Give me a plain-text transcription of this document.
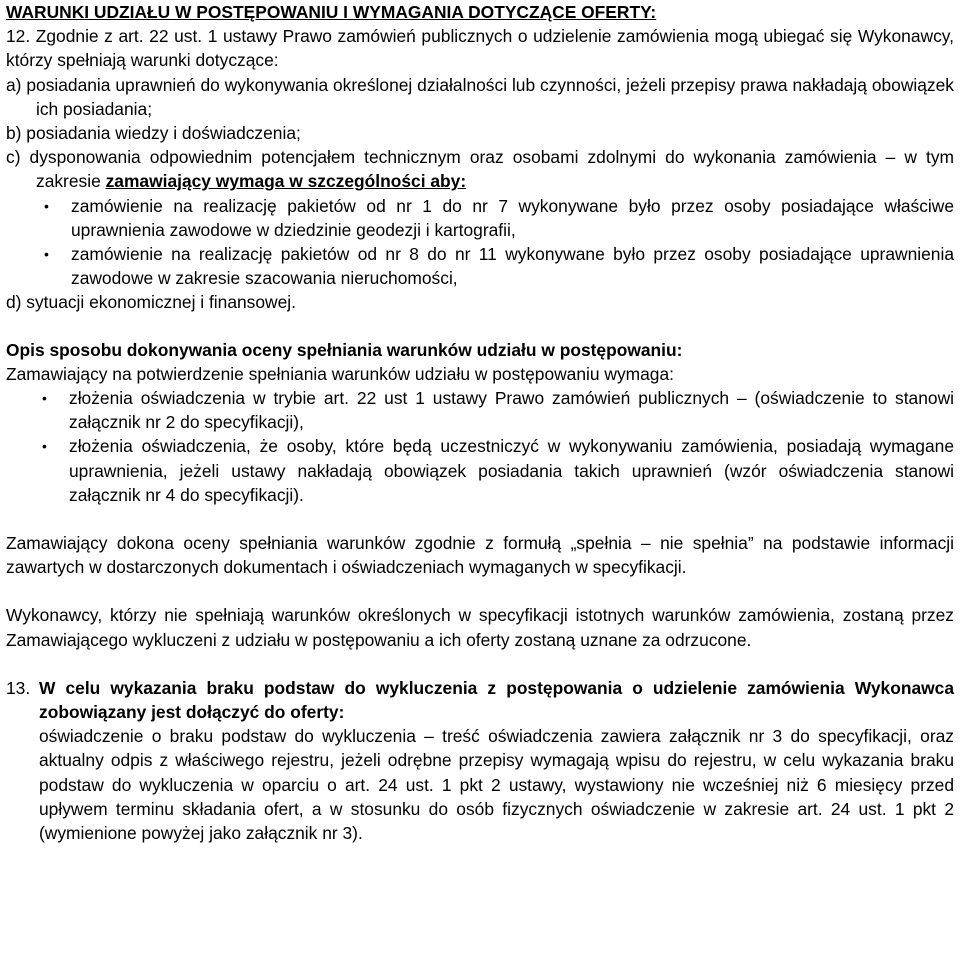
WARUNKI UDZIAŁU W POSTĘPOWANIU I WYMAGANIA DOTYCZĄCE OFERTY:
12. Zgodnie z art. 22 ust. 1 ustawy Prawo zamówień publicznych o udzielenie zamówienia mogą ubiegać się Wykonawcy, którzy spełniają warunki dotyczące:
a) posiadania uprawnień do wykonywania określonej działalności lub czynności, jeżeli przepisy prawa nakładają obowiązek ich posiadania;
b) posiadania wiedzy i doświadczenia;
c) dysponowania odpowiednim potencjałem technicznym oraz osobami zdolnymi do wykonania zamówienia – w tym zakresie zamawiający wymaga w szczególności aby:
•	zamówienie na realizację pakietów od nr 1 do nr 7 wykonywane było przez osoby posiadające właściwe uprawnienia zawodowe w dziedzinie geodezji i kartografii,
•	zamówienie na realizację pakietów od nr 8 do nr 11 wykonywane było przez osoby posiadające uprawnienia zawodowe w zakresie szacowania nieruchomości,
d) sytuacji ekonomicznej i finansowej.
Opis sposobu dokonywania oceny spełniania warunków udziału w postępowaniu:
Zamawiający na potwierdzenie spełniania warunków udziału w postępowaniu wymaga:
•	złożenia oświadczenia w trybie art. 22 ust 1 ustawy Prawo zamówień publicznych – (oświadczenie to stanowi załącznik nr 2 do specyfikacji),
•	złożenia oświadczenia, że osoby, które będą uczestniczyć w wykonywaniu zamówienia, posiadają wymagane uprawnienia, jeżeli ustawy nakładają obowiązek posiadania takich uprawnień (wzór oświadczenia stanowi załącznik nr 4 do specyfikacji).
Zamawiający dokona oceny spełniania warunków zgodnie z formułą „spełnia – nie spełnia” na podstawie informacji zawartych w dostarczonych dokumentach i oświadczeniach wymaganych w specyfikacji.
Wykonawcy, którzy nie spełniają warunków określonych w specyfikacji istotnych warunków zamówienia, zostaną przez Zamawiającego wykluczeni z udziału w postępowaniu a ich oferty zostaną uznane za odrzucone.
13. W celu wykazania braku podstaw do wykluczenia z postępowania o udzielenie zamówienia Wykonawca zobowiązany jest dołączyć do oferty:
oświadczenie o braku podstaw do wykluczenia – treść oświadczenia zawiera załącznik nr 3 do specyfikacji, oraz aktualny odpis z właściwego rejestru, jeżeli odrębne przepisy wymagają wpisu do rejestru, w celu wykazania braku podstaw do wykluczenia w oparciu o art. 24 ust. 1 pkt 2 ustawy, wystawiony nie wcześniej niż 6 miesięcy przed upływem terminu składania ofert, a w stosunku do osób fizycznych oświadczenie w zakresie art. 24 ust. 1 pkt 2 (wymienione powyżej jako załącznik nr 3).
